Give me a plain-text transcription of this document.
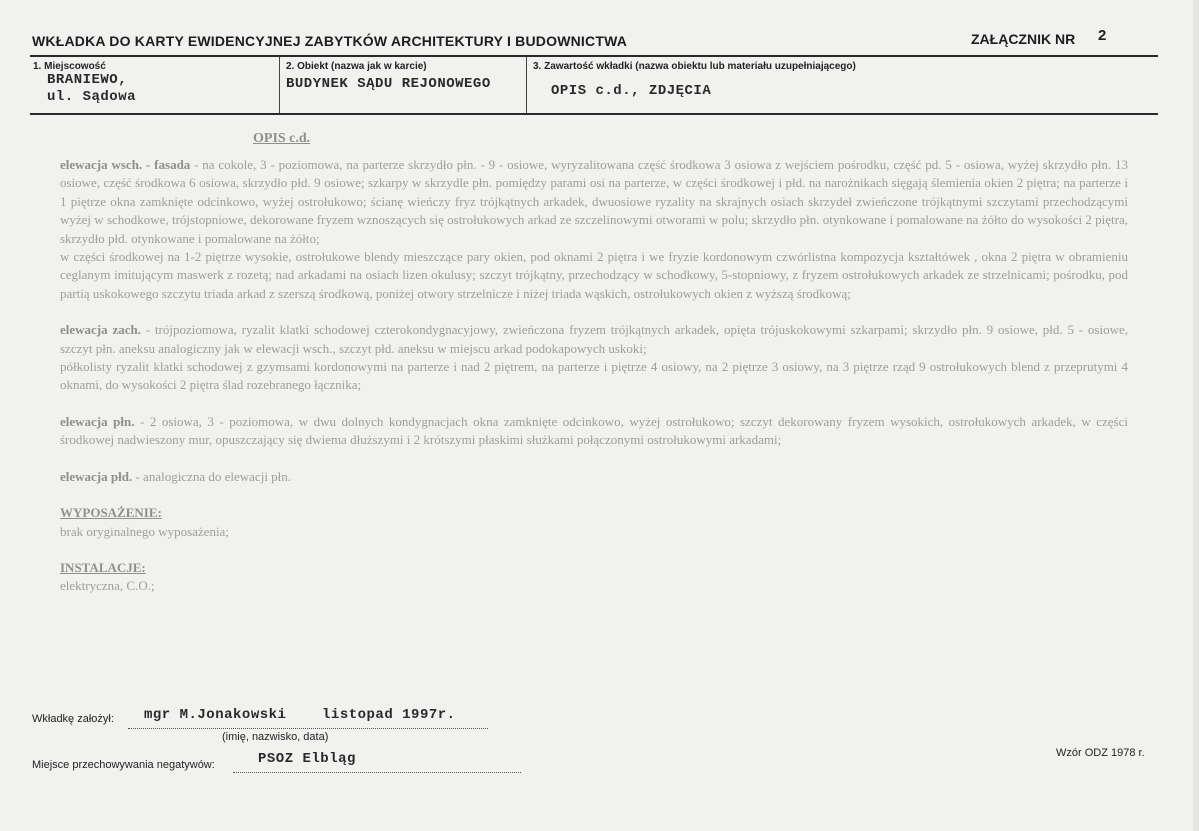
WKŁADKA DO KARTY EWIDENCYJNEJ ZABYTKÓW ARCHITEKTURY I BUDOWNICTWA	ZAŁĄCZNIK NR 2
1. Miejscowość
BRANIEWO,
ul. Sądowa
2. Obiekt (nazwa jak w karcie)
BUDYNEK SĄDU REJONOWEGO
3. Zawartość wkładki (nazwa obiektu lub materiału uzupełniającego)
OPIS c.d., ZDJĘCIA
OPIS c.d.

elewacja wsch. - fasada - na cokole, 3 - poziomowa, na parterze skrzydło płn. - 9 - osiowe, wyryzalitowana część środkowa 3 osiowa z wejściem pośrodku, część pd. 5 - osiowa, wyżej skrzydło płn. 13 osiowe, część środkowa 6 osiowa, skrzydło płd. 9 osiowe; szkarpy w skrzydle płn. pomiędzy parami osi na parterze, w części środkowej i płd. na narożnikach sięgają ślemienia okien 2 piętra; na parterze i 1 piętrze okna zamknięte odcinkowo, wyżej ostrołukowo; ścianę wieńczy fryz trójkątnych arkadek, dwuosiowe ryzality na skrajnych osiach skrzydeł zwieńczone trójkątnymi szczytami przechodzącymi wyżej w schodkowe, trójstopniowe, dekorowane fryzem wznoszących się ostrołukowych arkad ze szczelinowymi otworami w polu; skrzydło płn. otynkowane i pomalowane na żółto do wysokości 2 piętra, skrzydło płd. otynkowane i pomalowane na żółto;

w części środkowej na 1-2 piętrze wysokie, ostrołukowe blendy mieszczące pary okien, pod oknami 2 piętra i we fryzie kordonowym czwórlistna kompozycja kształtówek , okna 2 piętra w obramieniu ceglanym imitującym maswerk z rozetą; nad arkadami na osiach lizen okulusy; szczyt trójkątny, przechodzący w schodkowy, 5-stopniowy, z fryzem ostrołukowych arkadek ze strzelnicami; pośrodku, pod partią uskokowego szczytu triada arkad z szerszą środkową, poniżej otwory strzelnicze i niżej triada wąskich, ostrołukowych okien z wyższą środkową;

elewacja zach. - trójpoziomowa, ryzalit klatki schodowej czterokondygnacyjowy, zwieńczona fryzem trójkątnych arkadek, opięta trójuskokowymi szkarpami; skrzydło płn. 9 osiowe, płd. 5 - osiowe, szczyt płn. aneksu analogiczny jak w elewacji wsch., szczyt płd. aneksu w miejscu arkad podokapowych uskoki;

półkolisty ryzalit klatki schodowej z gzymsami kordonowymi na parterze i nad 2 piętrem, na parterze i piętrze 4 osiowy, na 2 piętrze 3 osiowy, na 3 piętrze rząd 9 ostrołukowych blend z przeprutymi 4 oknami, do wysokości 2 piętra ślad rozebranego łącznika;

elewacja płn. - 2 osiowa, 3 - poziomowa, w dwu dolnych kondygnacjach okna zamknięte odcinkowo, wyżej ostrołukowo; szczyt dekorowany fryzem wysokich, ostrołukowych arkadek, w części środkowej nadwieszony mur, opuszczający się dwiema dłuższymi i 2 krótszymi płaskimi służkami połączonymi ostrołukowymi arkadami;

elewacja płd. - analogiczna do elewacji płn.

WYPOSAŻENIE:

brak oryginalnego wyposażenia;

INSTALACJE:

elektryczna, C.O.;

Wkładkę założył: mgr M.Jonakowski    listopad 1997r.
(imię, nazwisko, data)
Miejsce przechowywania negatywów:	PSOZ Elbląg	Wzór ODZ 1978 r.
